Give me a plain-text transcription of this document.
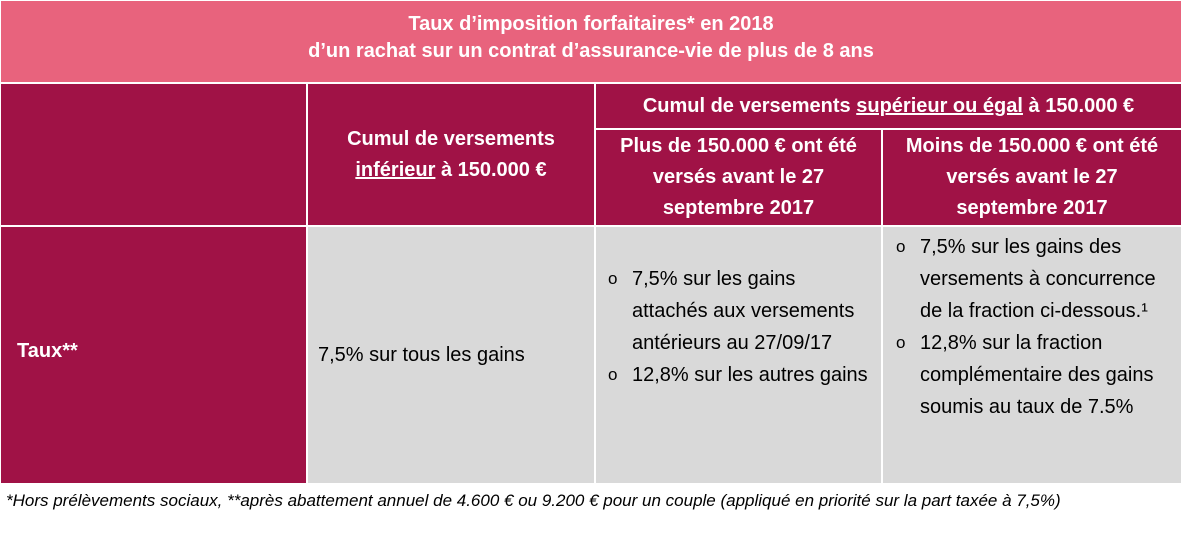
Taux d’imposition forfaitaires* en 2018
d’un rachat sur un contrat d’assurance-vie de plus de 8 ans
Cumul de versements
inférieur à 150.000 €
Cumul de versements supérieur ou égal à 150.000 €
Plus de 150.000 € ont été versés avant le 27 septembre 2017
Moins de 150.000 € ont été versés avant le 27 septembre 2017
Taux**	7,5% sur tous les gains
o 7,5% sur les gains attachés aux versements antérieurs au 27/09/17
o 12,8% sur les autres gains
o 7,5% sur les gains des versements à concurrence de la fraction ci-dessous.¹
o 12,8% sur la fraction complémentaire des gains soumis au taux de 7.5%
*Hors prélèvements sociaux, **après abattement annuel de 4.600 € ou 9.200 € pour un couple (appliqué en priorité sur la part taxée à 7,5%)
